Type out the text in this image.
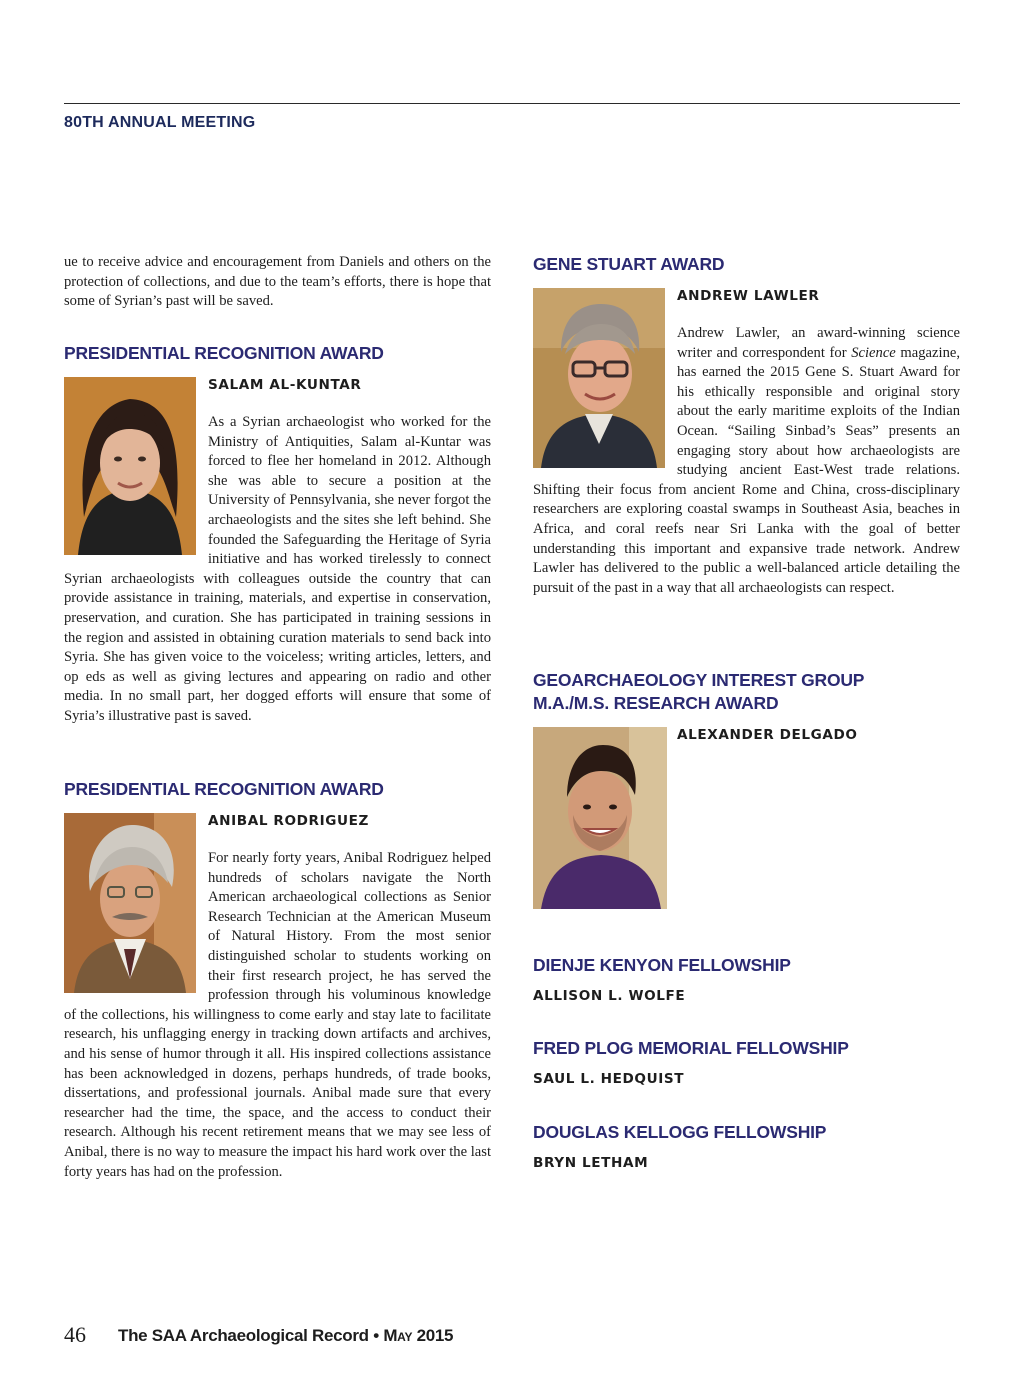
80TH ANNUAL MEETING

ue to receive advice and encouragement from Daniels and others on the protection of collections, and due to the team’s efforts, there is hope that some of Syrian’s past will be saved.

PRESIDENTIAL RECOGNITION AWARD
SALAM AL-KUNTAR

As a Syrian archaeologist who worked for the Ministry of Antiquities, Salam al-Kuntar was forced to flee her homeland in 2012. Although she was able to secure a position at the University of Pennsylvania, she never forgot the archaeologists and the sites she left behind. She founded the Safeguarding the Heritage of Syria initiative and has worked tirelessly to connect Syrian archaeologists with colleagues outside the country that can provide assistance in training, materials, and expertise in conservation, preservation, and curation. She has participated in training sessions in the region and assisted in obtaining curation materials to send back into Syria. She has given voice to the voiceless; writing articles, letters, and op eds as well as giving lectures and appearing on radio and other media. In no small part, her dogged efforts will ensure that some of Syria’s illustrative past is saved.

PRESIDENTIAL RECOGNITION AWARD
ANIBAL RODRIGUEZ

For nearly forty years, Anibal Rodriguez helped hundreds of scholars navigate the North American archaeological collections as Senior Research Technician at the American Museum of Natural History. From the most senior distinguished scholar to students working on their first research project, he has served the profession through his voluminous knowledge of the collections, his willingness to come early and stay late to facilitate research, his unflagging energy in tracking down artifacts and archives, and his sense of humor through it all. His inspired collections assistance has been acknowledged in dozens, perhaps hundreds, of trade books, dissertations, and professional journals. Anibal made sure that every researcher had the time, the space, and the access to conduct their research. Although his recent retirement means that we may see less of Anibal, there is no way to measure the impact his hard work over the last forty years has had on the profession.

GENE STUART AWARD
ANDREW LAWLER

Andrew Lawler, an award-winning science writer and correspondent for Science magazine, has earned the 2015 Gene S. Stuart Award for his ethically responsible and original story about the early maritime exploits of the Indian Ocean. “Sailing Sinbad’s Seas” presents an engaging story about how archaeologists are studying ancient East-West trade relations. Shifting their focus from ancient Rome and China, cross-disciplinary researchers are exploring coastal swamps in Southeast Asia, beaches in Africa, and coral reefs near Sri Lanka with the goal of better understanding this important and expansive trade network. Andrew Lawler has delivered to the public a well-balanced article detailing the pursuit of the past in a way that all archaeologists can respect.

GEOARCHAEOLOGY INTEREST GROUP
M.A./M.S. RESEARCH AWARD
ALEXANDER DELGADO
DIENJE KENYON FELLOWSHIP
ALLISON L. WOLFE
FRED PLOG MEMORIAL FELLOWSHIP
SAUL L. HEDQUIST
DOUGLAS KELLOGG FELLOWSHIP
BRYN LETHAM
46 The SAA Archaeological Record • May 2015
